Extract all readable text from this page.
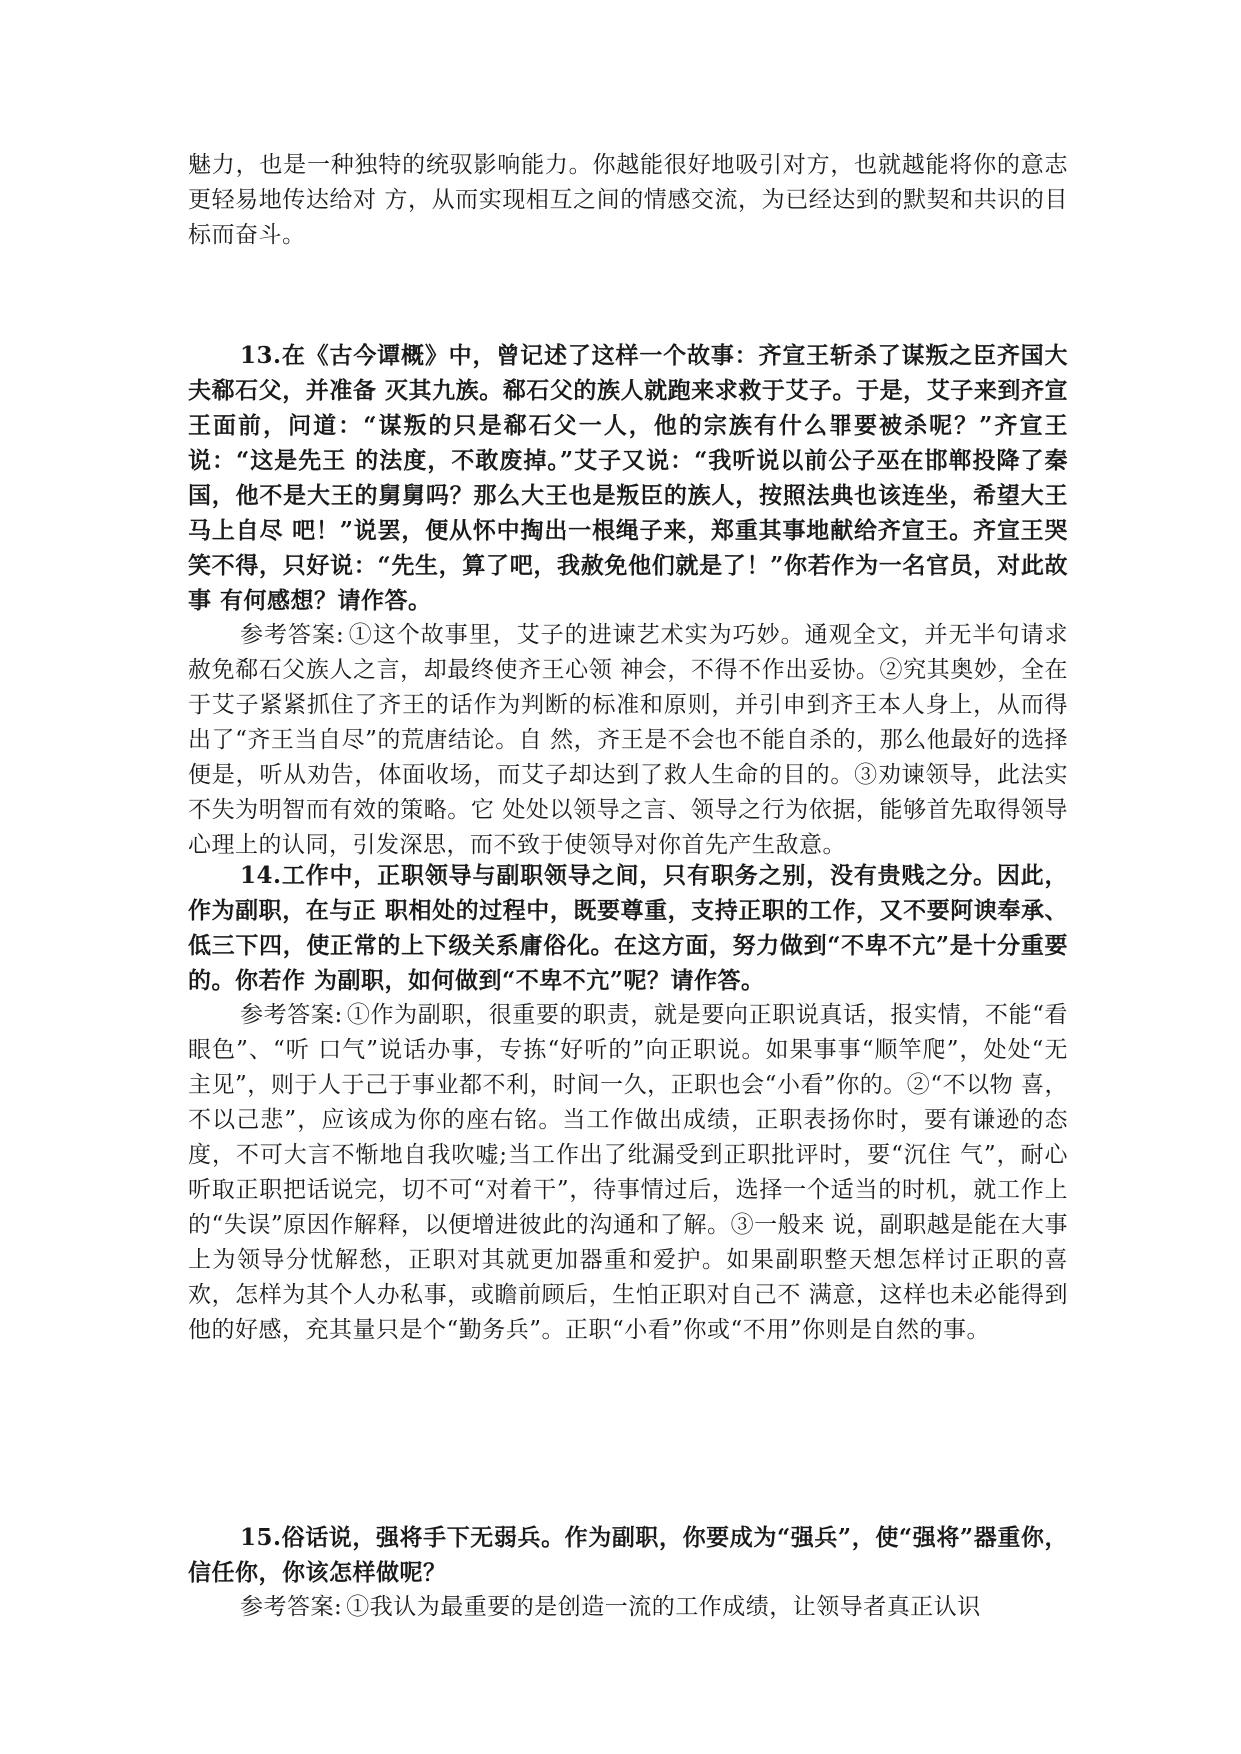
魅力，也是一种独特的统驭影响能力。你越能很好地吸引对方，也就越能将你的意志更轻易地传达给对 方，从而实现相互之间的情感交流，为已经达到的默契和共识的目标而奋斗。

13.在《古今谭概》中，曾记述了这样一个故事：齐宣王斩杀了谋叛之臣齐国大夫郗石父，并准备 灭其九族。郗石父的族人就跑来求救于艾子。于是，艾子来到齐宣王面前，问道：“谋叛的只是郗石父一人，他的宗族有什么罪要被杀呢？”齐宣王说：“这是先王 的法度，不敢废掉。”艾子又说：“我听说以前公子巫在邯郸投降了秦国，他不是大王的舅舅吗？那么大王也是叛臣的族人，按照法典也该连坐，希望大王马上自尽 吧！”说罢，便从怀中掏出一根绳子来，郑重其事地献给齐宣王。齐宣王哭笑不得，只好说：“先生，算了吧，我赦免他们就是了！”你若作为一名官员，对此故事 有何感想？请作答。

参考答案: ①这个故事里，艾子的进谏艺术实为巧妙。通观全文，并无半句请求赦免郗石父族人之言，却最终使齐王心领 神会，不得不作出妥协。②究其奥妙，全在于艾子紧紧抓住了齐王的话作为判断的标准和原则，并引申到齐王本人身上，从而得出了“齐王当自尽”的荒唐结论。自 然，齐王是不会也不能自杀的，那么他最好的选择便是，听从劝告，体面收场，而艾子却达到了救人生命的目的。③劝谏领导，此法实不失为明智而有效的策略。它 处处以领导之言、领导之行为依据，能够首先取得领导心理上的认同，引发深思，而不致于使领导对你首先产生敌意。

14.工作中，正职领导与副职领导之间，只有职务之别，没有贵贱之分。因此，作为副职，在与正 职相处的过程中，既要尊重，支持正职的工作，又不要阿谀奉承、低三下四，使正常的上下级关系庸俗化。在这方面，努力做到“不卑不亢”是十分重要的。你若作 为副职，如何做到“不卑不亢”呢？请作答。

参考答案: ①作为副职，很重要的职责，就是要向正职说真话，报实情，不能“看眼色”、“听 口气”说话办事，专拣“好听的”向正职说。如果事事“顺竿爬”，处处“无主见”，则于人于己于事业都不利，时间一久，正职也会“小看”你的。②“不以物 喜，不以己悲”，应该成为你的座右铭。当工作做出成绩，正职表扬你时，要有谦逊的态度，不可大言不惭地自我吹嘘;当工作出了纰漏受到正职批评时，要“沉住 气”，耐心听取正职把话说完，切不可“对着干”，待事情过后，选择一个适当的时机，就工作上的“失误”原因作解释，以便增进彼此的沟通和了解。③一般来 说，副职越是能在大事上为领导分忧解愁，正职对其就更加器重和爱护。如果副职整天想怎样讨正职的喜欢，怎样为其个人办私事，或瞻前顾后，生怕正职对自己不 满意，这样也未必能得到他的好感，充其量只是个“勤务兵”。正职“小看”你或“不用”你则是自然的事。

15.俗话说，强将手下无弱兵。作为副职，你要成为“强兵”，使“强将”器重你，信任你，你该怎样做呢？

参考答案: ①我认为最重要的是创造一流的工作成绩，让领导者真正认识
